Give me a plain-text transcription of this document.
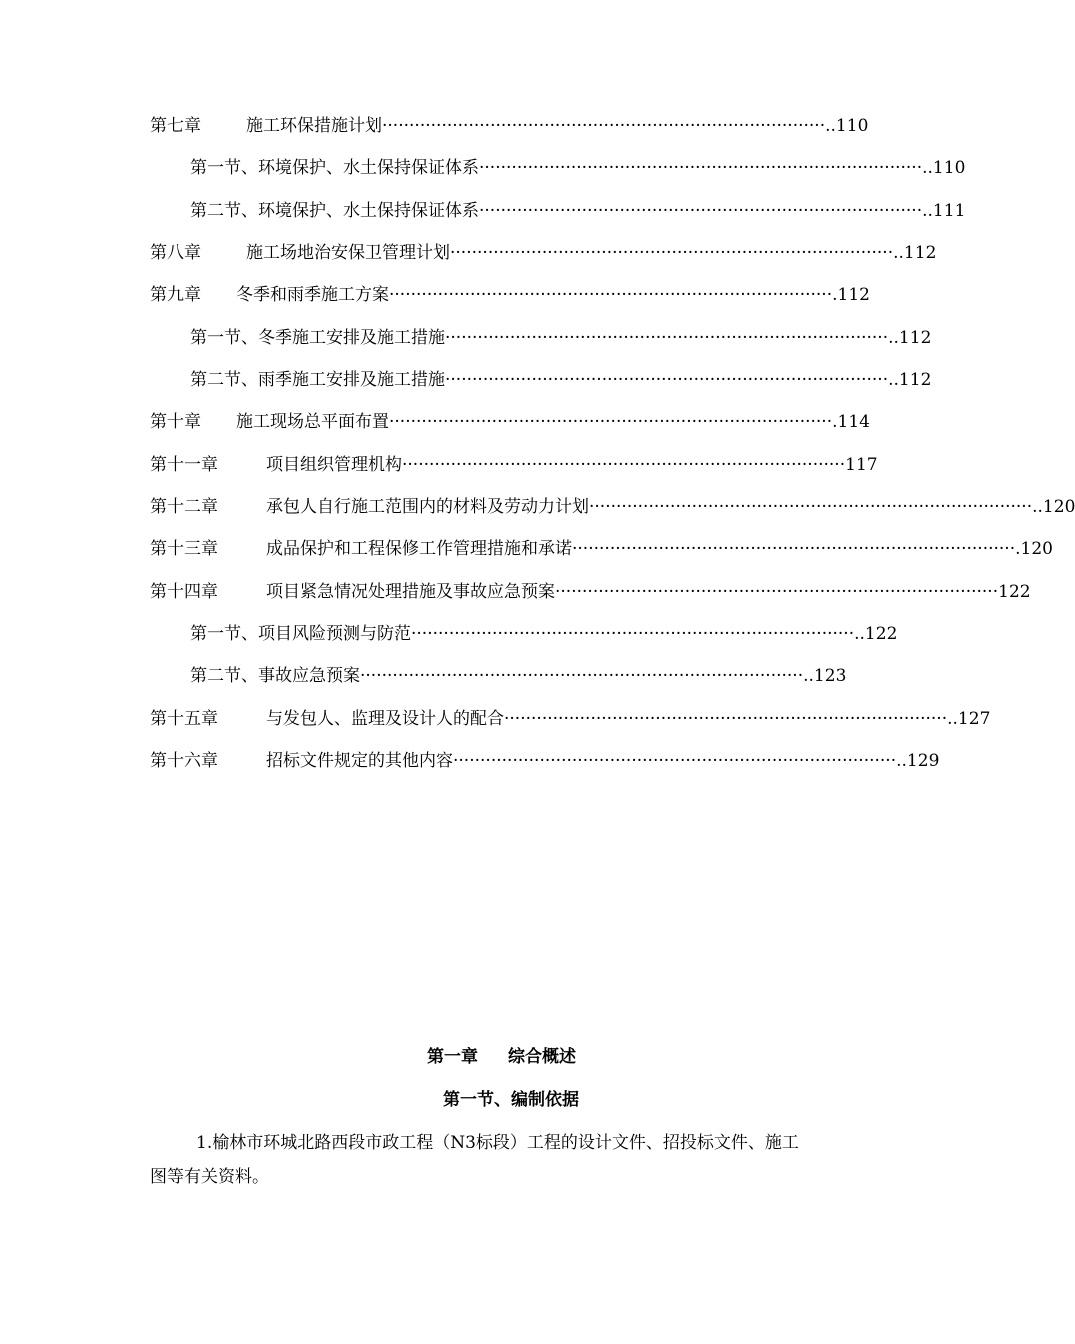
第七章	施工环保措施计划 ·················································································· ..110
第一节、 环境保护、水土保持保证体系 ·················································································· ..110
第二节、 环境保护、水土保持保证体系 ·················································································· ..111
第八章	施工场地治安保卫管理计划 ·················································································· ..112
第九章	冬季和雨季施工方案 ·················································································· .112
第一节、 冬季施工安排及施工措施 ·················································································· ..112
第二节、 雨季施工安排及施工措施 ·················································································· ..112
第十章	施工现场总平面布置 ·················································································· .114
第十一章	项目组织管理机构 ·················································································· 117
第十二章	承包人自行施工范围内的材料及劳动力计划 ·················································································· ..120
第十三章	成品保护和工程保修工作管理措施和承诺 ·················································································· .120
第十四章	项目紧急情况处理措施及事故应急预案 ·················································································· 122
第一节、 项目风险预测与防范 ·················································································· ..122
第二节、 事故应急预案 ·················································································· ..123
第十五章	与发包人、监理及设计人的配合 ·················································································· ..127
第十六章	招标文件规定的其他内容 ·················································································· ..129
第一章 综合概述
第一节、编制依据
1.榆林市环城北路西段市政工程（N3标段）工程的设计文件、招投标文件、施工图等有关资料。
